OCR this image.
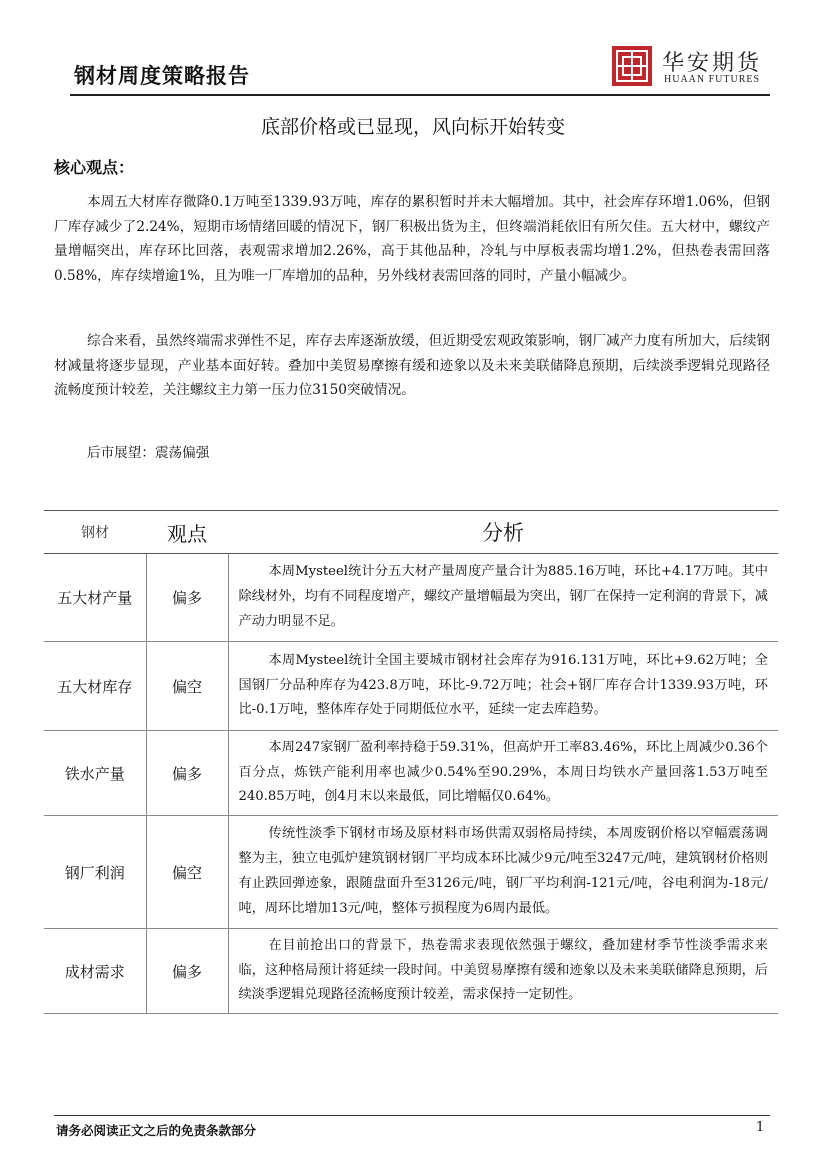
钢材周度策略报告	华安期货
HUAAN FUTURES
底部价格或已显现，风向标开始转变
核心观点：

本周五大材库存微降0.1万吨至1339.93万吨，库存的累积暂时并未大幅增加。其中，社会库存环增1.06%，但钢厂库存减少了2.24%，短期市场情绪回暖的情况下，钢厂积极出货为主，但终端消耗依旧有所欠佳。五大材中，螺纹产量增幅突出，库存环比回落，表观需求增加2.26%，高于其他品种，冷轧与中厚板表需均增1.2%，但热卷表需回落0.58%，库存续增逾1%，且为唯一厂库增加的品种，另外线材表需回落的同时，产量小幅减少。

综合来看，虽然终端需求弹性不足，库存去库逐渐放缓，但近期受宏观政策影响，钢厂减产力度有所加大，后续钢材减量将逐步显现，产业基本面好转。叠加中美贸易摩擦有缓和迹象以及未来美联储降息预期，后续淡季逻辑兑现路径流畅度预计较差，关注螺纹主力第一压力位3150突破情况。

后市展望：震荡偏强

钢材	观点	分析
五大材产量	偏多	本周Mysteel统计分五大材产量周度产量合计为885.16万吨，环比+4.17万吨。其中除线材外，均有不同程度增产，螺纹产量增幅最为突出，钢厂在保持一定利润的背景下，减产动力明显不足。
五大材库存	偏空	本周Mysteel统计全国主要城市钢材社会库存为916.131万吨，环比+9.62万吨；全国钢厂分品种库存为423.8万吨，环比-9.72万吨；社会+钢厂库存合计1339.93万吨，环比-0.1万吨，整体库存处于同期低位水平，延续一定去库趋势。
铁水产量	偏多	本周247家钢厂盈利率持稳于59.31%，但高炉开工率83.46%，环比上周减少0.36个百分点，炼铁产能利用率也减少0.54%至90.29%，本周日均铁水产量回落1.53万吨至240.85万吨，创4月末以来最低，同比增幅仅0.64%。
钢厂利润	偏空	传统性淡季下钢材市场及原材料市场供需双弱格局持续，本周废钢价格以窄幅震荡调整为主，独立电弧炉建筑钢材钢厂平均成本环比减少9元/吨至3247元/吨，建筑钢材价格则有止跌回弹迹象，跟随盘面升至3126元/吨，钢厂平均利润-121元/吨，谷电利润为-18元/吨，周环比增加13元/吨，整体亏损程度为6周内最低。
成材需求	偏多	在目前抢出口的背景下，热卷需求表现依然强于螺纹，叠加建材季节性淡季需求来临，这种格局预计将延续一段时间。中美贸易摩擦有缓和迹象以及未来美联储降息预期，后续淡季逻辑兑现路径流畅度预计较差，需求保持一定韧性。
请务必阅读正文之后的免责条款部分	1
